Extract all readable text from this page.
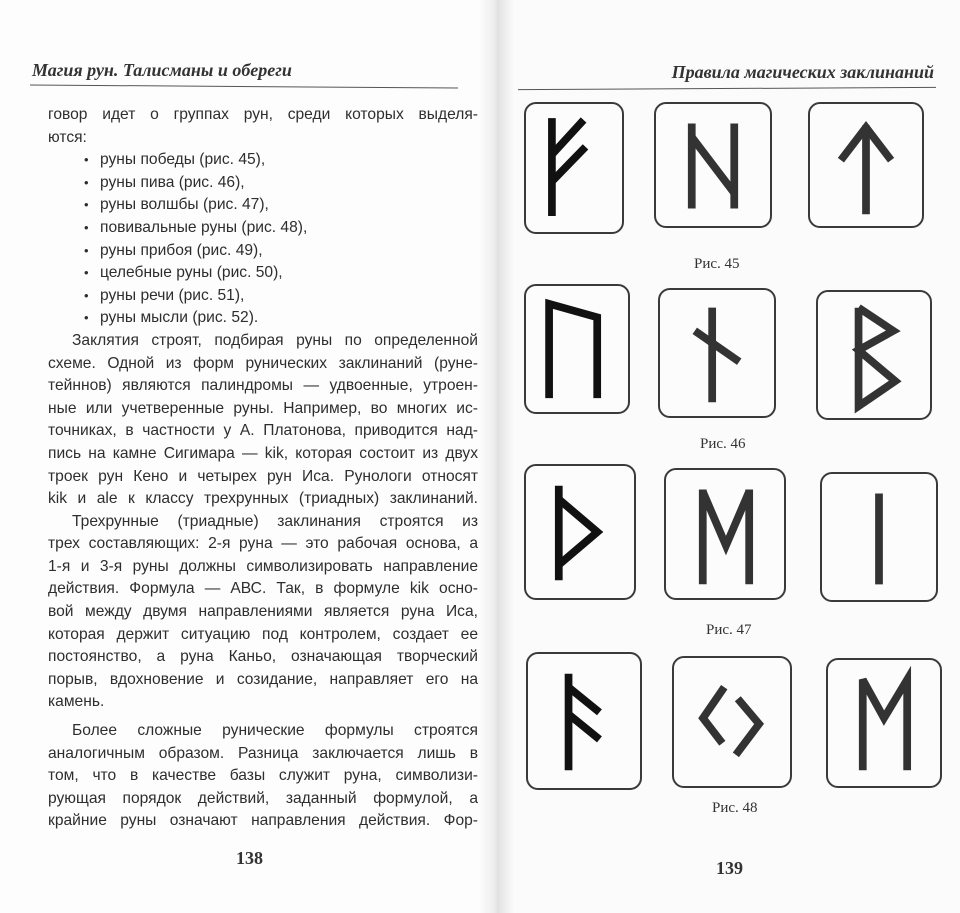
Магия рун. Талисманы и обереги	Правила магических заклинаний

говор идет о группах рун, среди которых выделя-

ются:

• руны победы (рис. 45),
• руны пива (рис. 46),
• руны волшбы (рис. 47),
• повивальные руны (рис. 48),
• руны прибоя (рис. 49),
• целебные руны (рис. 50),
• руны речи (рис. 51),
• руны мысли (рис. 52).

Заклятия строят, подбирая руны по определенной

схеме. Одной из форм рунических заклинаний (руне-

тейннов) являются палиндромы — удвоенные, утроен-

ные или учетверенные руны. Например, во многих ис-

точниках, в частности у А. Платонова, приводится над-

пись на камне Сигимара — kik, которая состоит из двух

троек рун Кено и четырех рун Иса. Рунологи относят

kik и ale к классу трехрунных (триадных) заклинаний.

Трехрунные (триадные) заклинания строятся из

трех составляющих: 2-я руна — это рабочая основа, а

1-я и 3-я руны должны символизировать направление

действия. Формула — АВС. Так, в формуле kik осно-

вой между двумя направлениями является руна Иса,

которая держит ситуацию под контролем, создает ее

постоянство, а руна Каньо, означающая творческий

порыв, вдохновение и созидание, направляет его на

камень.

Более сложные рунические формулы строятся

аналогичным образом. Разница заключается лишь в

том, что в качестве базы служит руна, символизи-

рующая порядок действий, заданный формулой, а

крайние руны означают направления действия. Фор-

138
Рис. 45
Рис. 46
Рис. 47
Рис. 48
139
